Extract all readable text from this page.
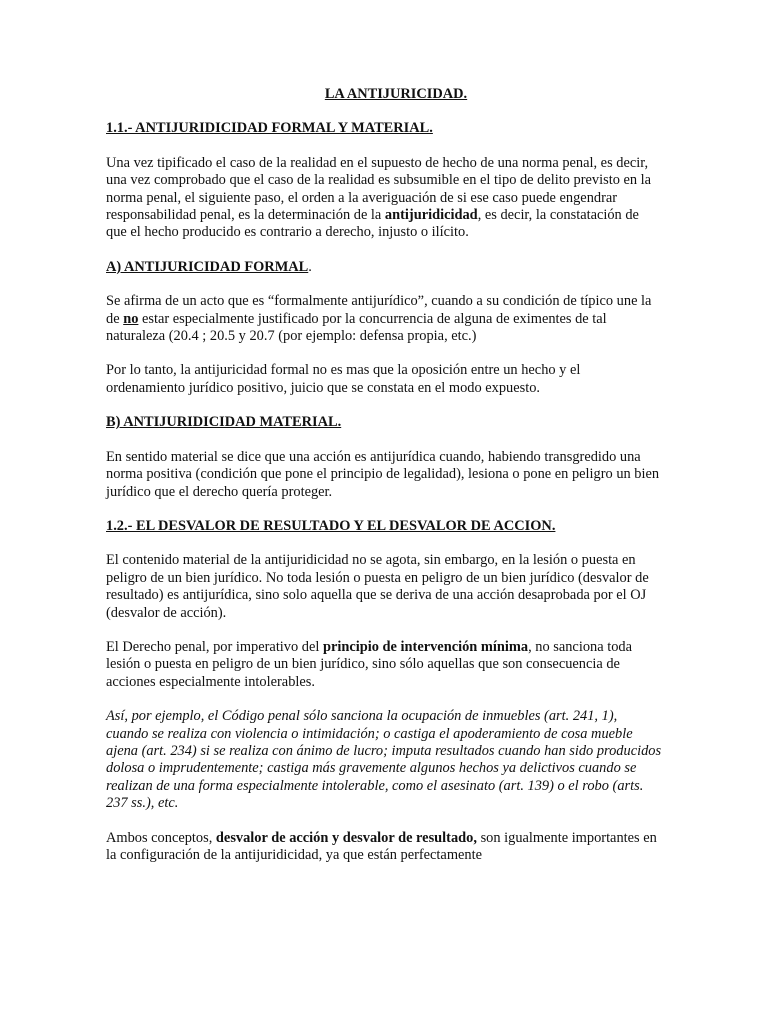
LA ANTIJURICIDAD.
1.1.- ANTIJURIDICIDAD FORMAL Y MATERIAL.

Una vez tipificado el caso de la realidad en el supuesto de hecho de una norma penal, es decir, una vez comprobado que el caso de la realidad es subsumible en el tipo de delito previsto en la norma penal, el siguiente paso, el orden a la averiguación de si ese caso puede engendrar responsabilidad penal, es la determinación de la antijuridicidad, es decir, la constatación de que el hecho producido es contrario a derecho, injusto o ilícito.

A) ANTIJURICIDAD FORMAL.

Se afirma de un acto que es “formalmente antijurídico”, cuando a su condición de típico une la de no estar especialmente justificado por la concurrencia de alguna de eximentes de tal naturaleza (20.4 ; 20.5 y 20.7 (por ejemplo: defensa propia, etc.)

Por lo tanto, la antijuricidad formal no es mas que la oposición entre un hecho y el ordenamiento jurídico positivo, juicio que se constata en el modo expuesto.

B) ANTIJURIDICIDAD MATERIAL.

En sentido material se dice que una acción es antijurídica cuando, habiendo transgredido una norma positiva (condición que pone el principio de legalidad), lesiona o pone en peligro un bien jurídico que el derecho quería proteger.

1.2.- EL DESVALOR DE RESULTADO Y EL DESVALOR DE ACCION.

El contenido material de la antijuridicidad no se agota, sin embargo, en la lesión o puesta en peligro de un bien jurídico. No toda lesión o puesta en peligro de un bien jurídico (desvalor de resultado) es antijurídica, sino solo aquella que se deriva de una acción desaprobada por el OJ (desvalor de acción).

El Derecho penal, por imperativo del principio de intervención mínima, no sanciona toda lesión o puesta en peligro de un bien jurídico, sino sólo aquellas que son consecuencia de acciones especialmente intolerables.

Así, por ejemplo, el Código penal sólo sanciona la ocupación de inmuebles (art. 241, 1), cuando se realiza con violencia o intimidación; o castiga el apoderamiento de cosa mueble ajena (art. 234) si se realiza con ánimo de lucro; imputa resultados cuando han sido producidos dolosa o imprudentemente; castiga más gravemente algunos hechos ya delictivos cuando se realizan de una forma especialmente intolerable, como el asesinato (art. 139) o el robo (arts. 237 ss.), etc.

Ambos conceptos, desvalor de acción y desvalor de resultado, son igualmente importantes en la configuración de la antijuridicidad, ya que están perfectamente
